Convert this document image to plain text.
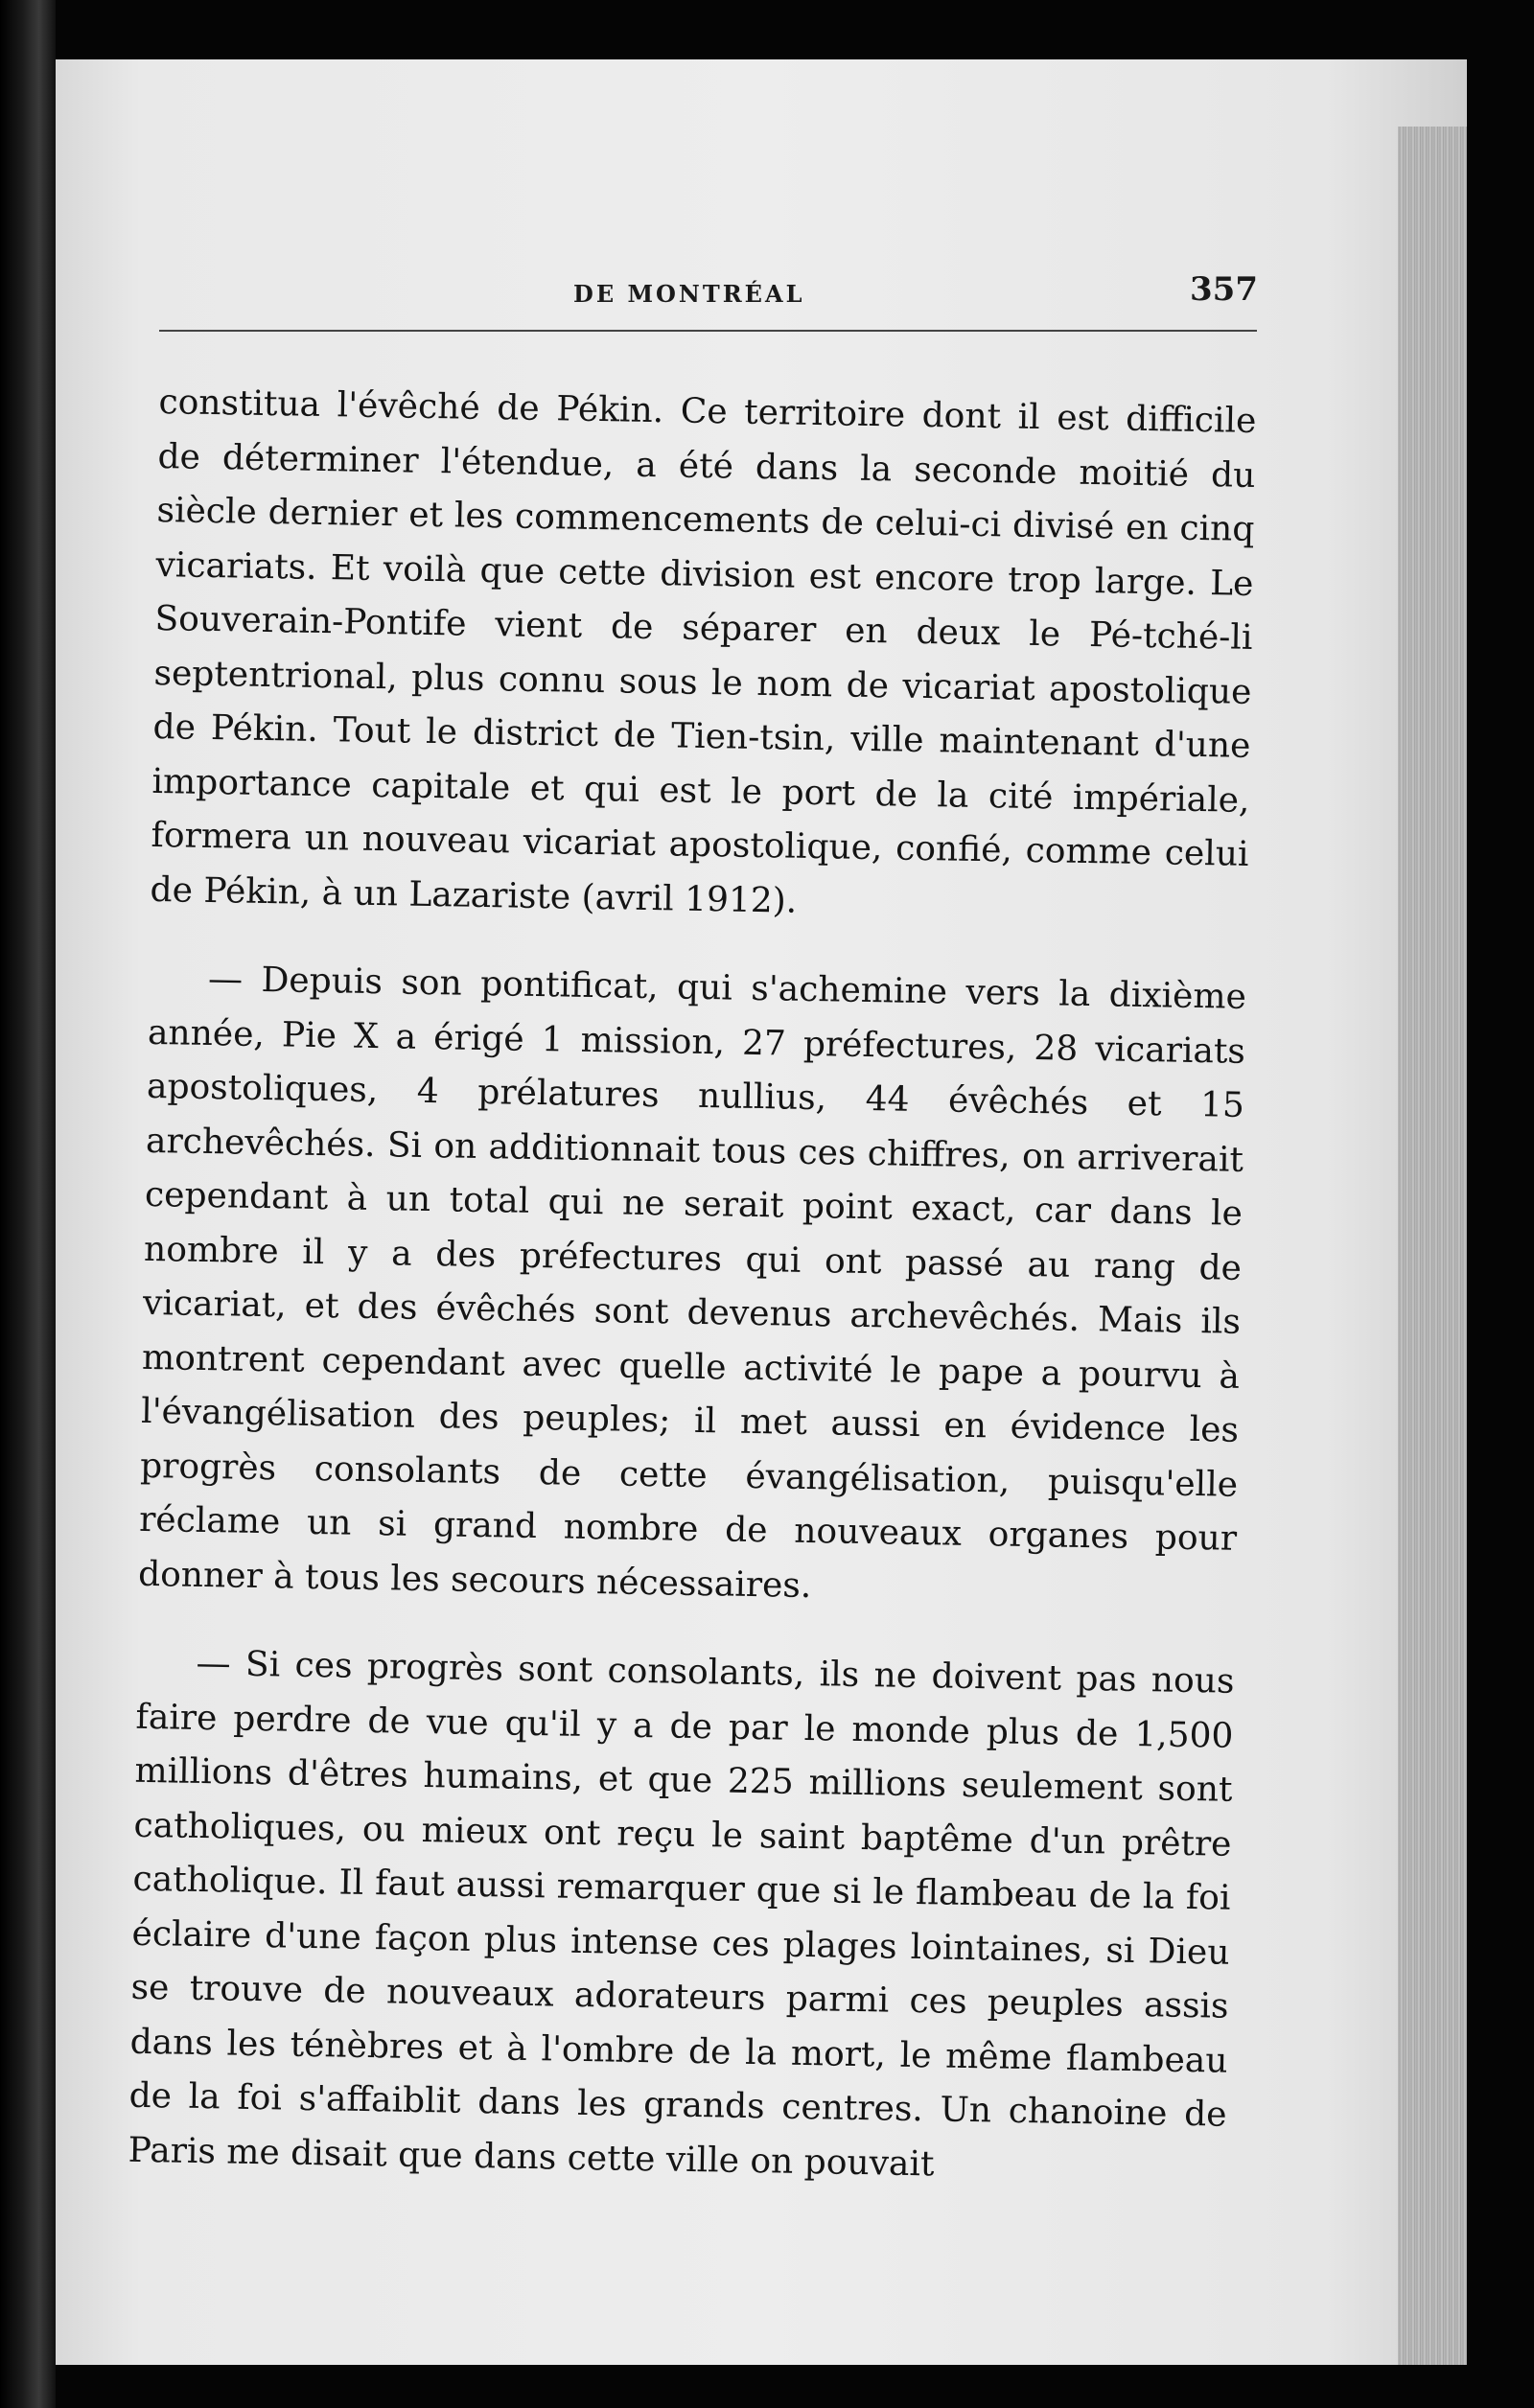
DE MONTRÉAL	357

constitua l'évêché de Pékin. Ce territoire dont il est difficile de déterminer l'étendue, a été dans la seconde moitié du siècle dernier et les commencements de celui-ci divisé en cinq vicariats. Et voilà que cette division est encore trop large. Le Souverain-Pontife vient de séparer en deux le Pé-tché-li septentrional, plus connu sous le nom de vicariat apostolique de Pékin. Tout le district de Tien-tsin, ville maintenant d'une importance capitale et qui est le port de la cité impériale, formera un nouveau vicariat apostolique, confié, comme celui de Pékin, à un Lazariste (avril 1912).

— Depuis son pontificat, qui s'achemine vers la dixième année, Pie X a érigé 1 mission, 27 préfectures, 28 vicariats apostoliques, 4 prélatures nullius, 44 évêchés et 15 archevêchés. Si on additionnait tous ces chiffres, on arriverait cependant à un total qui ne serait point exact, car dans le nombre il y a des préfectures qui ont passé au rang de vicariat, et des évêchés sont devenus archevêchés. Mais ils montrent cependant avec quelle activité le pape a pourvu à l'évangélisation des peuples; il met aussi en évidence les progrès consolants de cette évangélisation, puisqu'elle réclame un si grand nombre de nouveaux organes pour donner à tous les secours nécessaires.

— Si ces progrès sont consolants, ils ne doivent pas nous faire perdre de vue qu'il y a de par le monde plus de 1,500 millions d'êtres humains, et que 225 millions seulement sont catholiques, ou mieux ont reçu le saint baptême d'un prêtre catholique. Il faut aussi remarquer que si le flambeau de la foi éclaire d'une façon plus intense ces plages lointaines, si Dieu se trouve de nouveaux adorateurs parmi ces peuples assis dans les ténèbres et à l'ombre de la mort, le même flambeau de la foi s'affaiblit dans les grands centres. Un chanoine de Paris me disait que dans cette ville on pouvait
